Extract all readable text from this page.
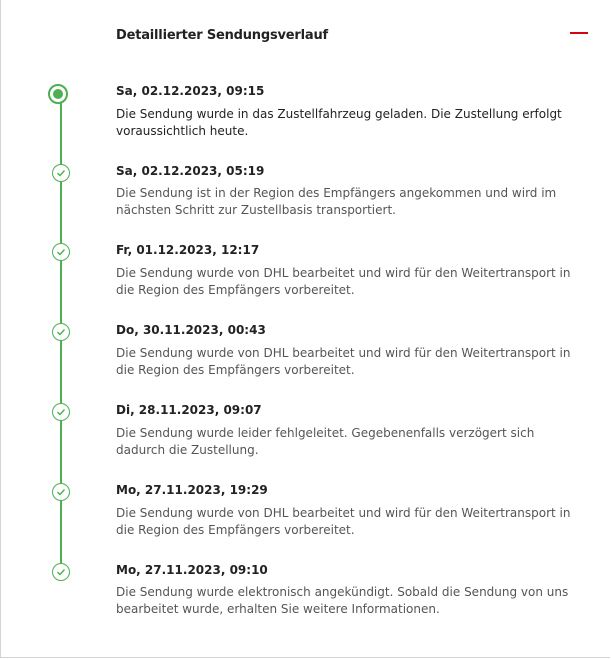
Detaillierter Sendungsverlauf
Sa, 02.12.2023, 09:15
Die Sendung wurde in das Zustellfahrzeug geladen. Die Zustellung erfolgt voraussichtlich heute.
Sa, 02.12.2023, 05:19
Die Sendung ist in der Region des Empfängers angekommen und wird im nächsten Schritt zur Zustellbasis transportiert.
Fr, 01.12.2023, 12:17
Die Sendung wurde von DHL bearbeitet und wird für den Weitertransport in die Region des Empfängers vorbereitet.
Do, 30.11.2023, 00:43
Die Sendung wurde von DHL bearbeitet und wird für den Weitertransport in die Region des Empfängers vorbereitet.
Di, 28.11.2023, 09:07
Die Sendung wurde leider fehlgeleitet. Gegebenenfalls verzögert sich dadurch die Zustellung.
Mo, 27.11.2023, 19:29
Die Sendung wurde von DHL bearbeitet und wird für den Weitertransport in die Region des Empfängers vorbereitet.
Mo, 27.11.2023, 09:10
Die Sendung wurde elektronisch angekündigt. Sobald die Sendung von uns bearbeitet wurde, erhalten Sie weitere Informationen.
